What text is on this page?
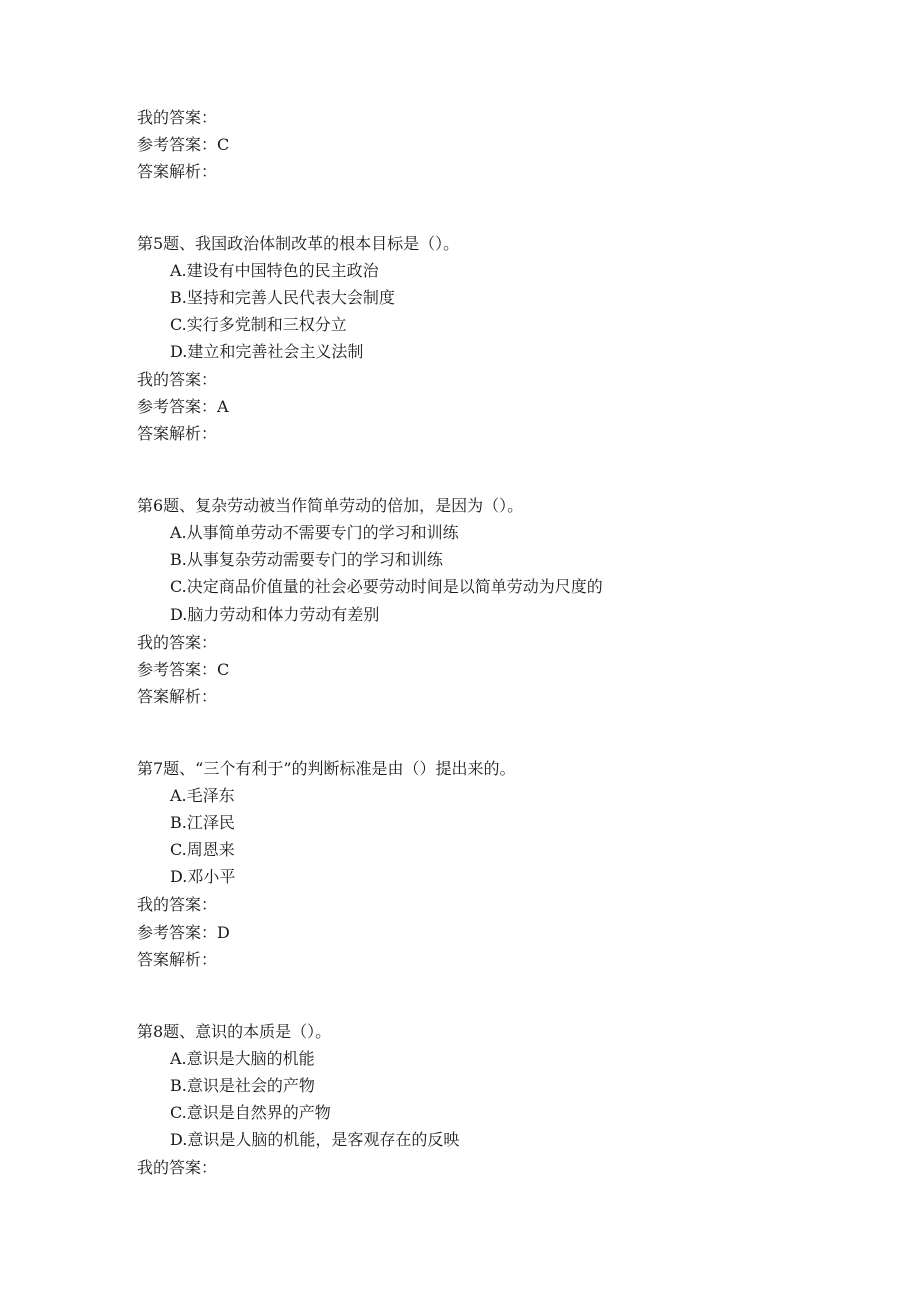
我的答案：
参考答案：C
答案解析：
第5题、我国政治体制改革的根本目标是（）。
A.建设有中国特色的民主政治
B.坚持和完善人民代表大会制度
C.实行多党制和三权分立
D.建立和完善社会主义法制
我的答案：
参考答案：A
答案解析：
第6题、复杂劳动被当作简单劳动的倍加，是因为（）。
A.从事简单劳动不需要专门的学习和训练
B.从事复杂劳动需要专门的学习和训练
C.决定商品价值量的社会必要劳动时间是以简单劳动为尺度的
D.脑力劳动和体力劳动有差别
我的答案：
参考答案：C
答案解析：
第7题、“三个有利于”的判断标准是由（）提出来的。
A.毛泽东
B.江泽民
C.周恩来
D.邓小平
我的答案：
参考答案：D
答案解析：
第8题、意识的本质是（）。
A.意识是大脑的机能
B.意识是社会的产物
C.意识是自然界的产物
D.意识是人脑的机能，是客观存在的反映
我的答案：
